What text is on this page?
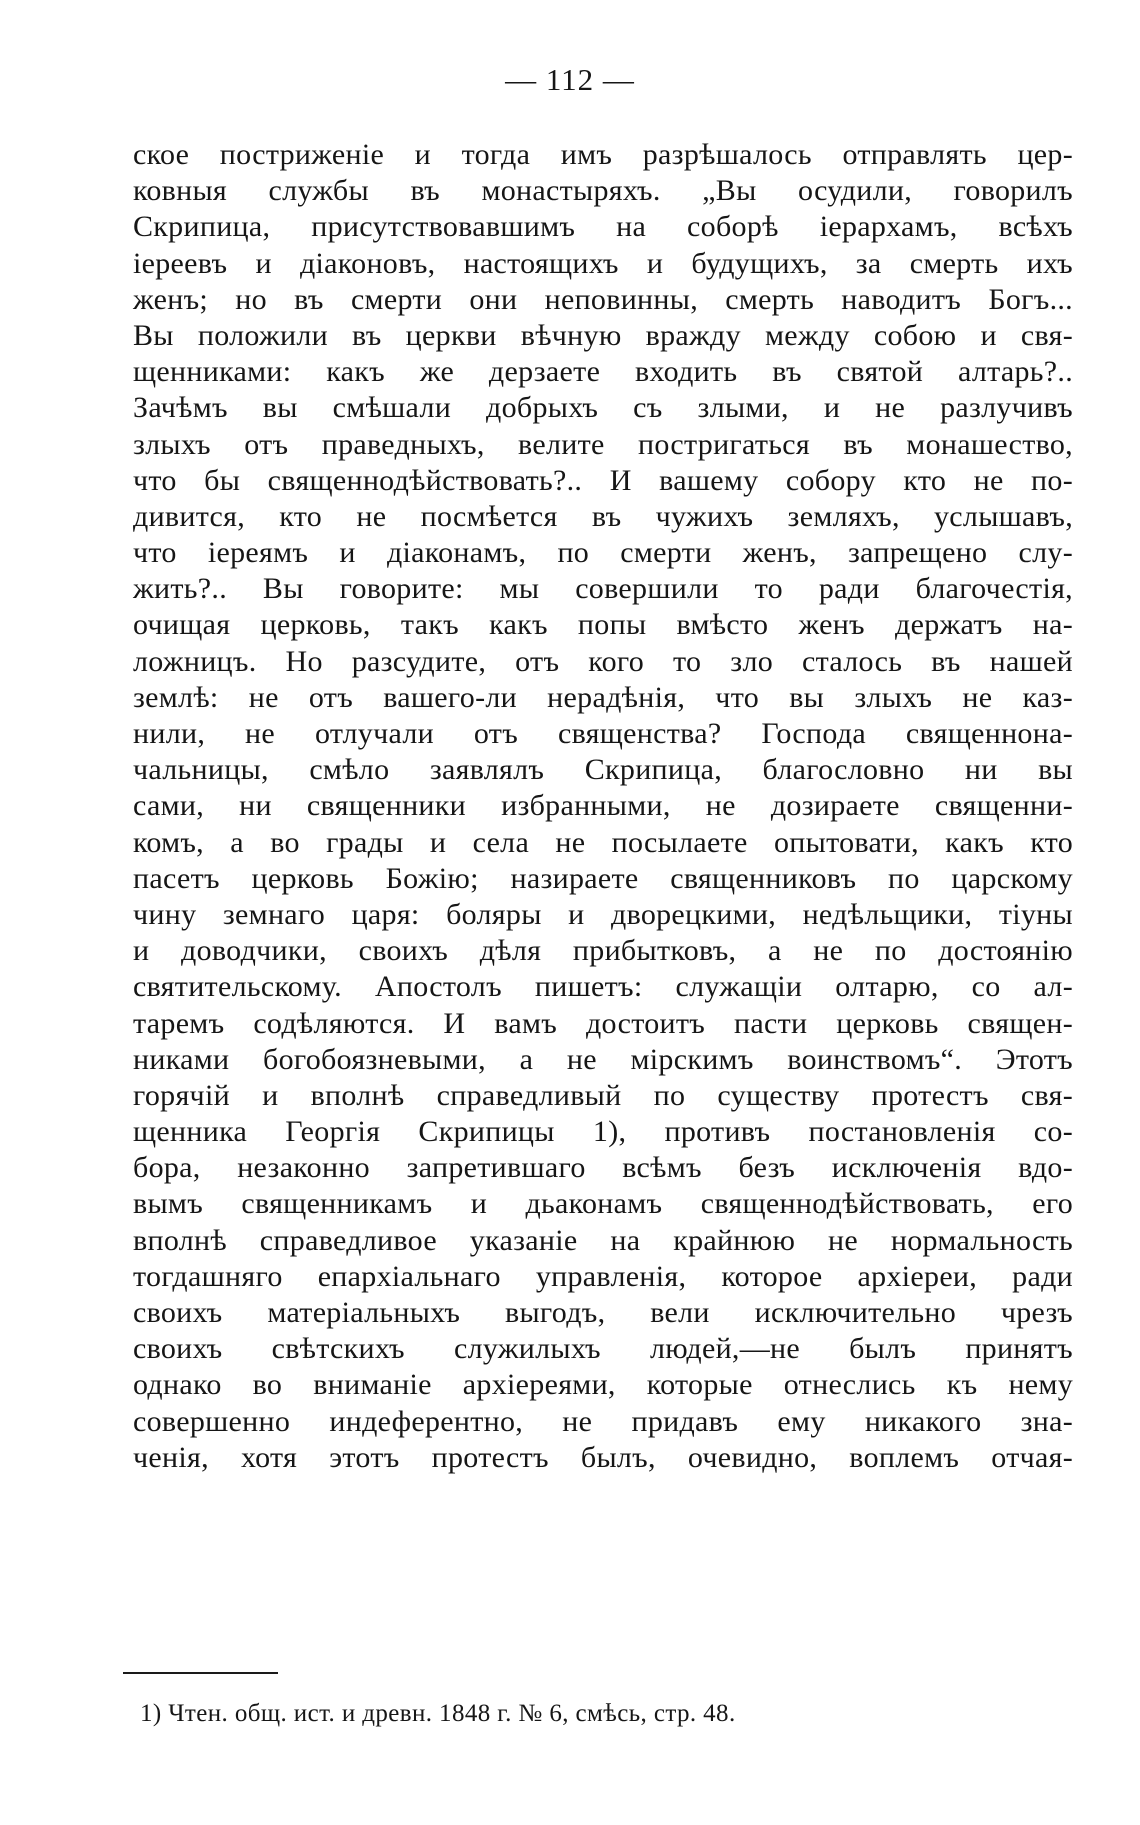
— 112 —
ское постриженіе и тогда имъ разрѣшалось отправлять цер-
ковныя службы въ монастыряхъ. „Вы осудили, говорилъ
Скрипица, присутствовавшимъ на соборѣ іерархамъ, всѣхъ
іереевъ и діаконовъ, настоящихъ и будущихъ, за смерть ихъ
женъ; но въ смерти они неповинны, смерть наводитъ Богъ...
Вы положили въ церкви вѣчную вражду между собою и свя-
щенниками: какъ же дерзаете входить въ святой алтарь?..
Зачѣмъ вы смѣшали добрыхъ съ злыми, и не разлучивъ
злыхъ отъ праведныхъ, велите постригаться въ монашество,
что бы священнодѣйствовать?.. И вашему собору кто не по-
дивится, кто не посмѣется въ чужихъ земляхъ, услышавъ,
что іереямъ и діаконамъ, по смерти женъ, запрещено слу-
жить?.. Вы говорите: мы совершили то ради благочестія,
очищая церковь, такъ какъ попы вмѣсто женъ держатъ на-
ложницъ. Но разсудите, отъ кого то зло сталось въ нашей
землѣ: не отъ вашего-ли нерадѣнія, что вы злыхъ не каз-
нили, не отлучали отъ священства? Господа священнона-
чальницы, смѣло заявлялъ Скрипица, благословно ни вы
сами, ни священники избранными, не дозираете священни-
комъ, а во грады и села не посылаете опытовати, какъ кто
пасетъ церковь Божію; назираете священниковъ по царскому
чину земнаго царя: боляры и дворецкими, недѣльщики, тіуны
и доводчики, своихъ дѣля прибытковъ, а не по достоянію
святительскому. Апостолъ пишетъ: служащіи олтарю, со ал-
таремъ содѣляются. И вамъ достоитъ пасти церковь священ-
никами богобоязневыми, а не мірскимъ воинствомъ“. Этотъ
горячій и вполнѣ справедливый по существу протестъ свя-
щенника Георгія Скрипицы 1), противъ постановленія со-
бора, незаконно запретившаго всѣмъ безъ исключенія вдо-
вымъ священникамъ и дьаконамъ священнодѣйствовать, его
вполнѣ справедливое указаніе на крайнюю не нормальность
тогдашняго епархіальнаго управленія, которое архіереи, ради
своихъ матеріальныхъ выгодъ, вели исключительно чрезъ
своихъ свѣтскихъ служилыхъ людей,—не былъ принятъ
однако во вниманіе архіереями, которые отнеслись къ нему
совершенно индеферентно, не придавъ ему никакого зна-
ченія, хотя этотъ протестъ былъ, очевидно, воплемъ отчая-
1) Чтен. общ. ист. и древн. 1848 г. № 6, смѣсь, стр. 48.
